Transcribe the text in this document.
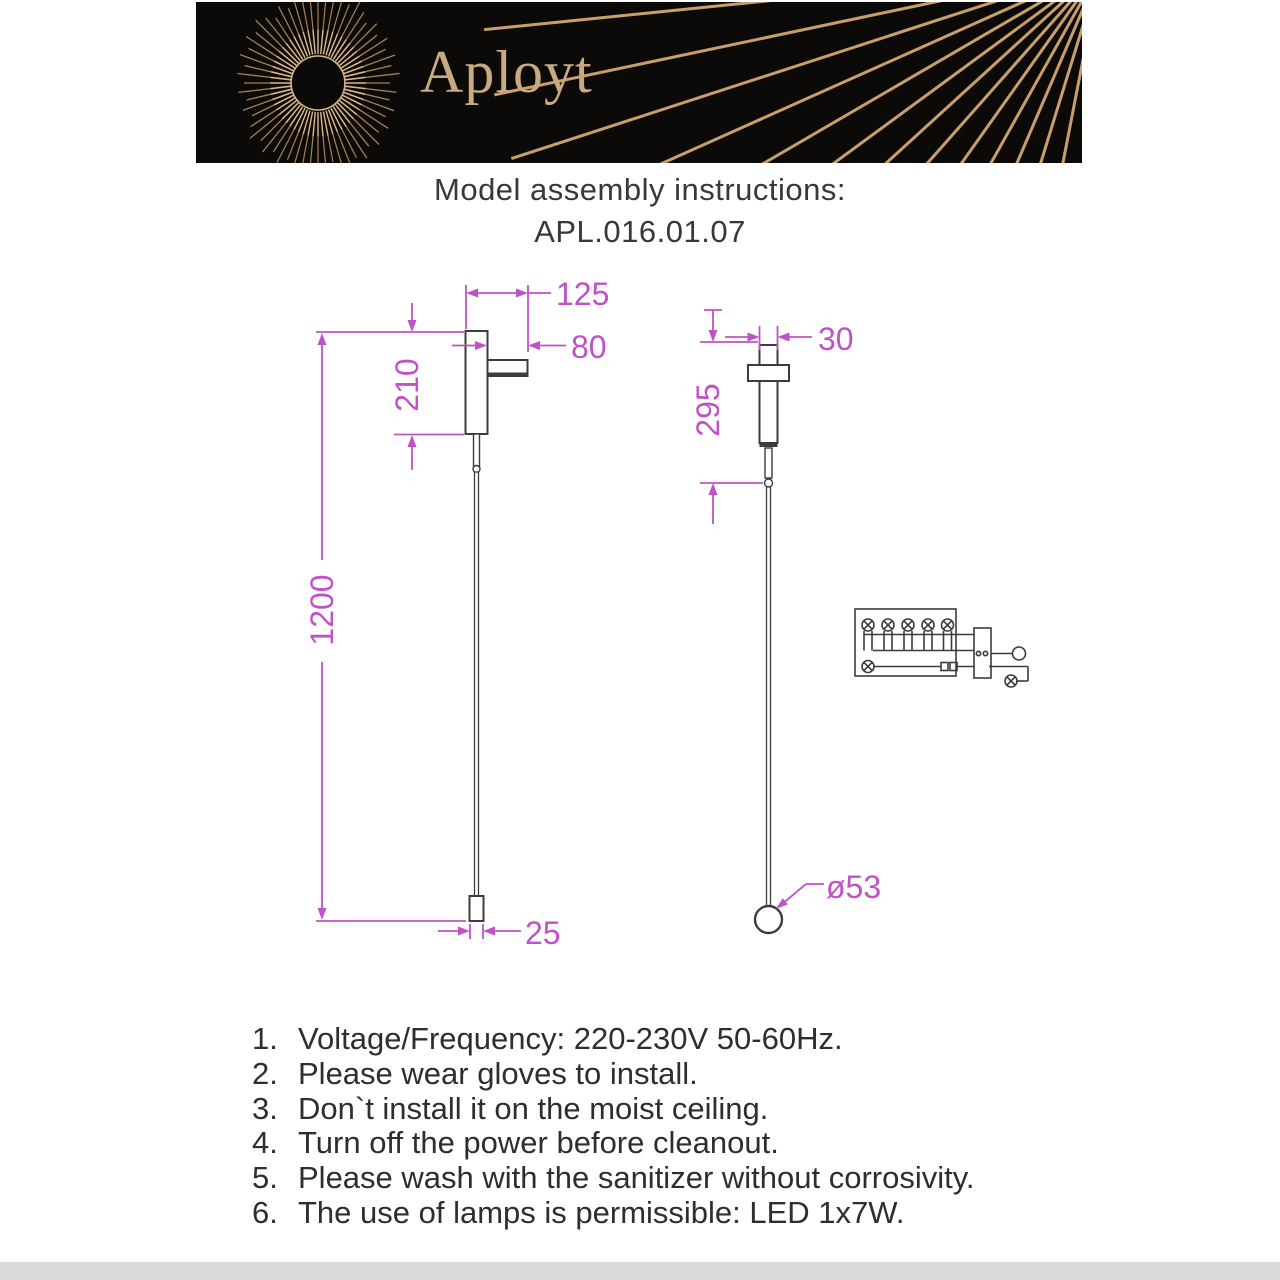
Aployt
Model assembly instructions:
APL.016.01.07
125
80
210
1200
25
30
295
ø53
1. Voltage/Frequency: 220-230V 50-60Hz.
2. Please wear gloves to install.
3. Don`t install it on the moist ceiling.
4. Turn off the power before cleanout.
5. Please wash with the sanitizer without corrosivity.
6. The use of lamps is permissible: LED 1x7W.
